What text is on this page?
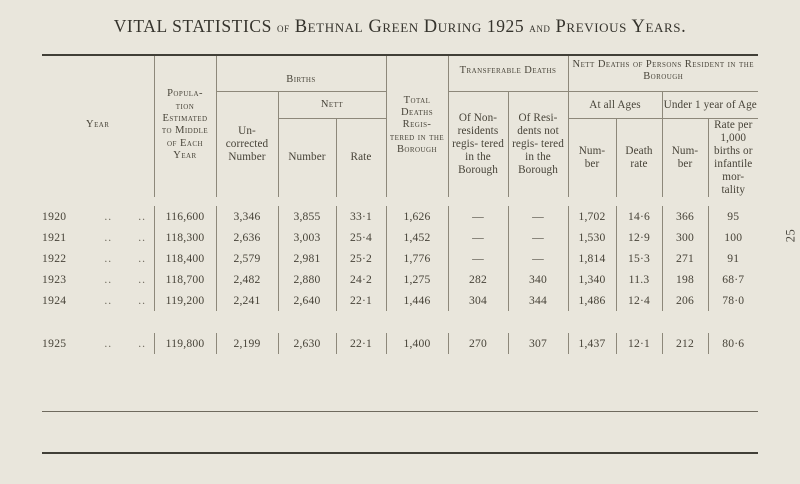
VITAL STATISTICS of Bethnal Green During 1925 and Previous Years.
25
Year	Popula- tion Estimated to Middle of Each Year	Births			Total Deaths Regis- tered in the Borough	Transferable Deaths		Nett Deaths of Persons Resident in the Borough				
		Un- corrected Number	Nett			Of Non- residents regis- tered in the Borough	Of Resi- dents not regis- tered in the Borough	At all Ages		Under 1 year of Age		
			Number	Rate				Num- ber	Death rate	Num- ber	Rate per 1,000 births or infantile mor- tality	

1920 .. ..	116,600	3,346	3,855	33·1	1,626	—	—	1,702	14·6	366	95	
1921 .. ..	118,300	2,636	3,003	25·4	1,452	—	—	1,530	12·9	300	100	
1922 .. ..	118,400	2,579	2,981	25·2	1,776	—	—	1,814	15·3	271	91	
1923 .. ..	118,700	2,482	2,880	24·2	1,275	282	340	1,340	11.3	198	68·7	
1924 .. ..	119,200	2,241	2,640	22·1	1,446	304	344	1,486	12·4	206	78·0	

1925 .. ..	119,800	2,199	2,630	22·1	1,400	270	307	1,437	12·1	212	80·6	
